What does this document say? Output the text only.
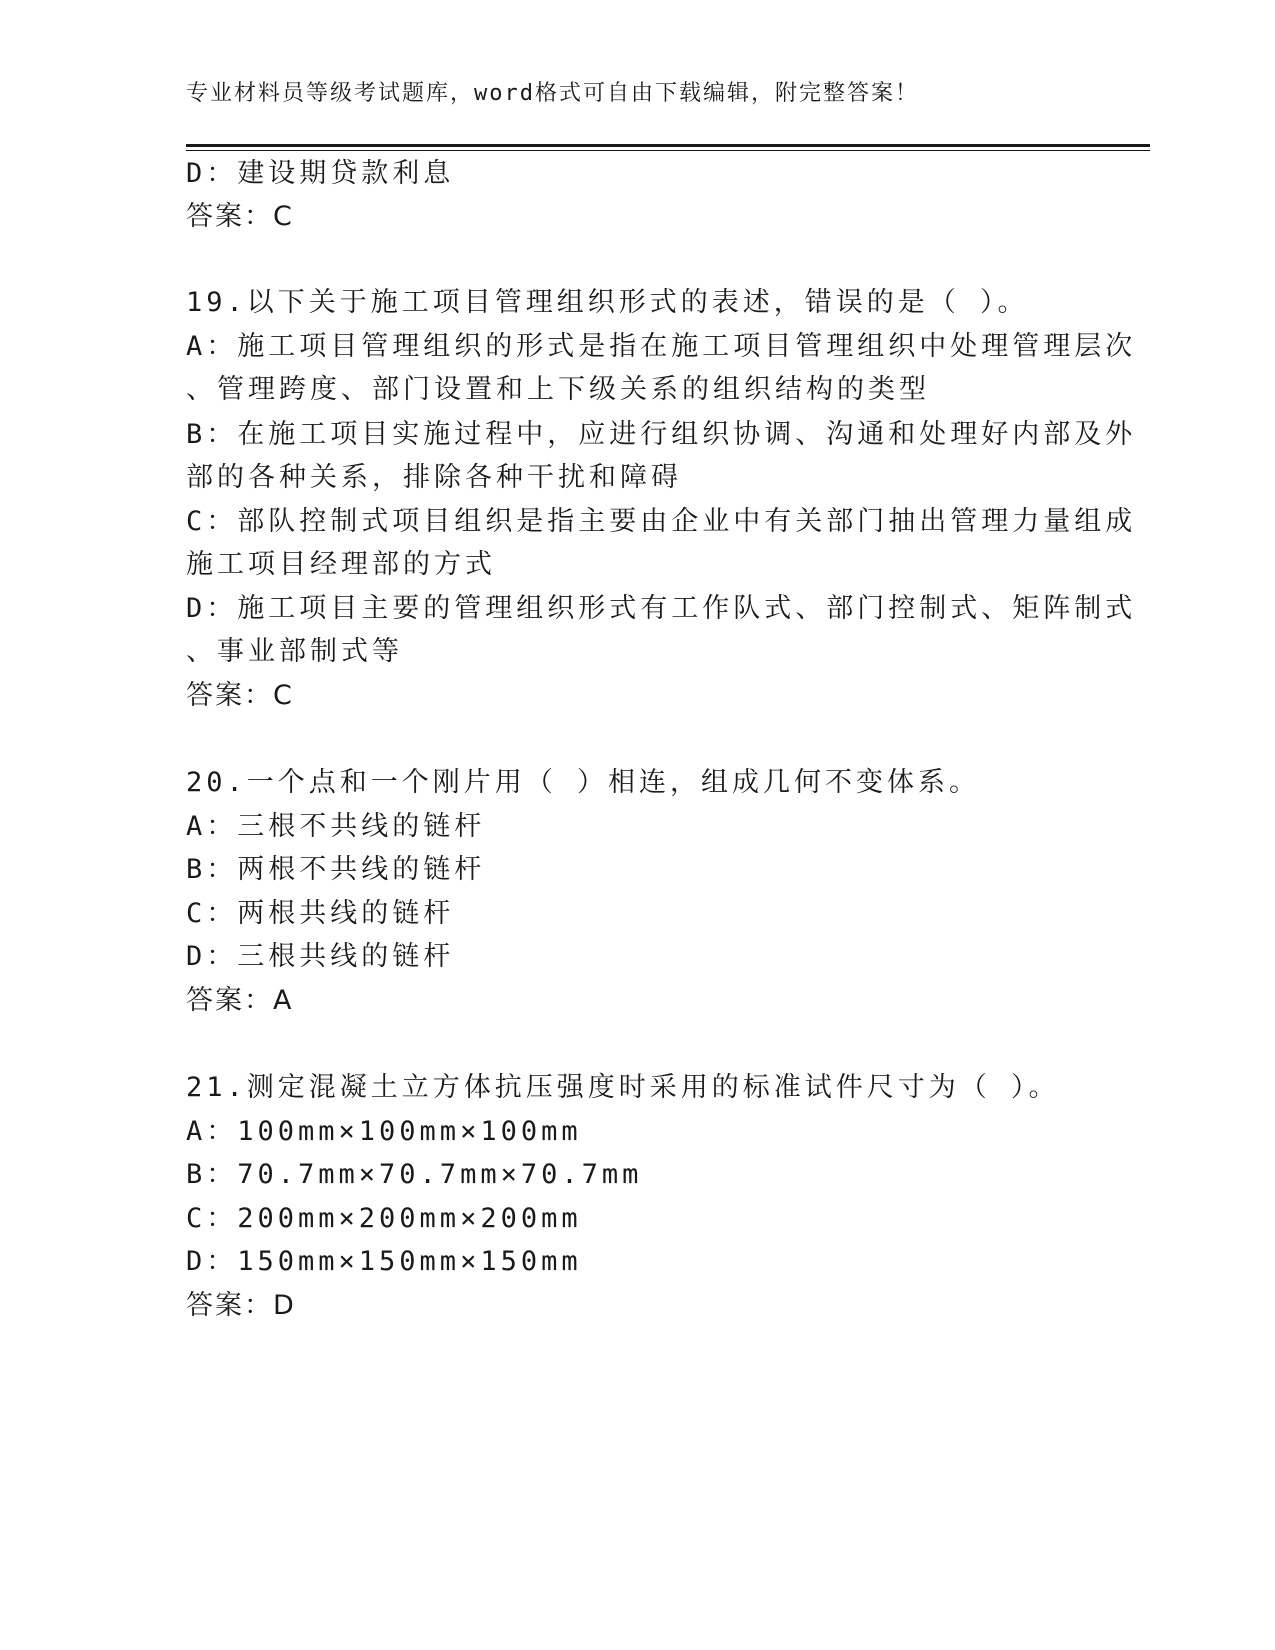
专业材料员等级考试题库，word格式可自由下载编辑，附完整答案！
D：建设期贷款利息
答案：C
19.以下关于施工项目管理组织形式的表述，错误的是（ ）。
A：施工项目管理组织的形式是指在施工项目管理组织中处理管理层次
、管理跨度、部门设置和上下级关系的组织结构的类型
B：在施工项目实施过程中，应进行组织协调、沟通和处理好内部及外
部的各种关系，排除各种干扰和障碍
C：部队控制式项目组织是指主要由企业中有关部门抽出管理力量组成
施工项目经理部的方式
D：施工项目主要的管理组织形式有工作队式、部门控制式、矩阵制式
、事业部制式等
答案：C
20.一个点和一个刚片用（ ）相连，组成几何不变体系。
A：三根不共线的链杆
B：两根不共线的链杆
C：两根共线的链杆
D：三根共线的链杆
答案：A
21.测定混凝土立方体抗压强度时采用的标准试件尺寸为（ ）。
A：100mm×100mm×100mm
B：70.7mm×70.7mm×70.7mm
C：200mm×200mm×200mm
D：150mm×150mm×150mm
答案：D
